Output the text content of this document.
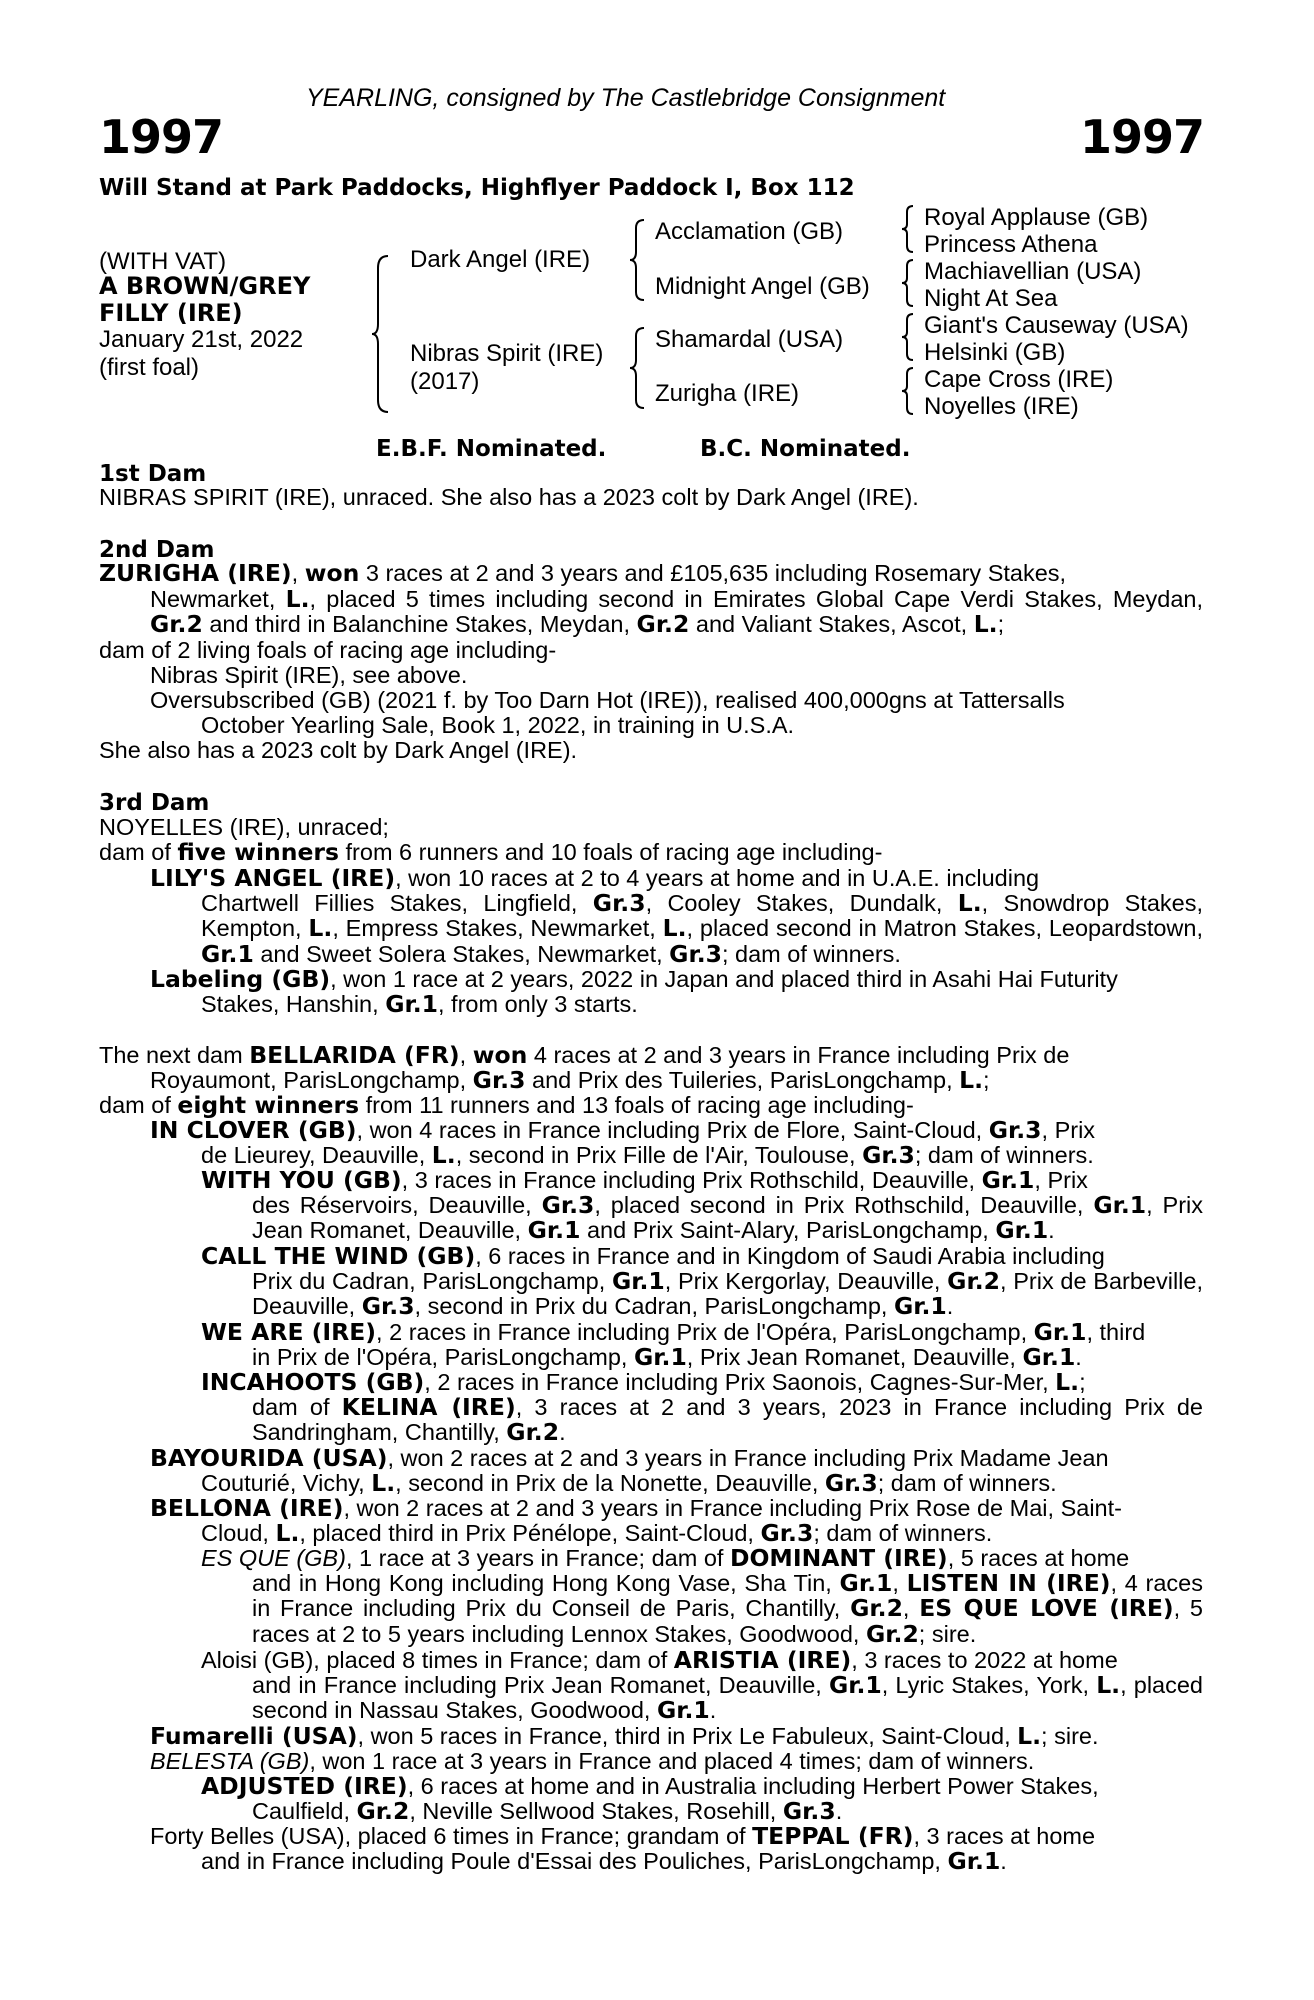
YEARLING, consigned by The Castlebridge Consignment
1997	1997
Will Stand at Park Paddocks, Highflyer Paddock I, Box 112
(WITH VAT)
A BROWN/GREY
FILLY (IRE)
January 21st, 2022
(first foal)
Dark Angel (IRE)
Nibras Spirit (IRE)
(2017)
Acclamation (GB)
Midnight Angel (GB)
Shamardal (USA)
Zurigha (IRE)
Royal Applause (GB)
Princess Athena
Machiavellian (USA)
Night At Sea
Giant's Causeway (USA)
Helsinki (GB)
Cape Cross (IRE)
Noyelles (IRE)
E.B.F. Nominated.	B.C. Nominated.
1st Dam
NIBRAS SPIRIT (IRE), unraced. She also has a 2023 colt by Dark Angel (IRE).
2nd Dam
ZURIGHA (IRE), won 3 races at 2 and 3 years and £105,635 including Rosemary Stakes,
Newmarket, L., placed 5 times including second in Emirates Global Cape Verdi Stakes, Meydan, Gr.2 and third in Balanchine Stakes, Meydan, Gr.2 and Valiant Stakes, Ascot, L.;
dam of 2 living foals of racing age including-
Nibras Spirit (IRE), see above.
Oversubscribed (GB) (2021 f. by Too Darn Hot (IRE)), realised 400,000gns at Tattersalls
October Yearling Sale, Book 1, 2022, in training in U.S.A.
She also has a 2023 colt by Dark Angel (IRE).
3rd Dam
NOYELLES (IRE), unraced;
dam of five winners from 6 runners and 10 foals of racing age including-
LILY'S ANGEL (IRE), won 10 races at 2 to 4 years at home and in U.A.E. including
Chartwell Fillies Stakes, Lingfield, Gr.3, Cooley Stakes, Dundalk, L., Snowdrop Stakes, Kempton, L., Empress Stakes, Newmarket, L., placed second in Matron Stakes, Leopardstown, Gr.1 and Sweet Solera Stakes, Newmarket, Gr.3; dam of winners.
Labeling (GB), won 1 race at 2 years, 2022 in Japan and placed third in Asahi Hai Futurity
Stakes, Hanshin, Gr.1, from only 3 starts.
The next dam BELLARIDA (FR), won 4 races at 2 and 3 years in France including Prix de
Royaumont, ParisLongchamp, Gr.3 and Prix des Tuileries, ParisLongchamp, L.;
dam of eight winners from 11 runners and 13 foals of racing age including-
IN CLOVER (GB), won 4 races in France including Prix de Flore, Saint-Cloud, Gr.3, Prix
de Lieurey, Deauville, L., second in Prix Fille de l'Air, Toulouse, Gr.3; dam of winners.
WITH YOU (GB), 3 races in France including Prix Rothschild, Deauville, Gr.1, Prix
des Réservoirs, Deauville, Gr.3, placed second in Prix Rothschild, Deauville, Gr.1, Prix Jean Romanet, Deauville, Gr.1 and Prix Saint-Alary, ParisLongchamp, Gr.1.
CALL THE WIND (GB), 6 races in France and in Kingdom of Saudi Arabia including
Prix du Cadran, ParisLongchamp, Gr.1, Prix Kergorlay, Deauville, Gr.2, Prix de Barbeville, Deauville, Gr.3, second in Prix du Cadran, ParisLongchamp, Gr.1.
WE ARE (IRE), 2 races in France including Prix de l'Opéra, ParisLongchamp, Gr.1, third
in Prix de l'Opéra, ParisLongchamp, Gr.1, Prix Jean Romanet, Deauville, Gr.1.
INCAHOOTS (GB), 2 races in France including Prix Saonois, Cagnes-Sur-Mer, L.;
dam of KELINA (IRE), 3 races at 2 and 3 years, 2023 in France including Prix de Sandringham, Chantilly, Gr.2.
BAYOURIDA (USA), won 2 races at 2 and 3 years in France including Prix Madame Jean
Couturié, Vichy, L., second in Prix de la Nonette, Deauville, Gr.3; dam of winners.
BELLONA (IRE), won 2 races at 2 and 3 years in France including Prix Rose de Mai, Saint-
Cloud, L., placed third in Prix Pénélope, Saint-Cloud, Gr.3; dam of winners.
ES QUE (GB), 1 race at 3 years in France; dam of DOMINANT (IRE), 5 races at home
and in Hong Kong including Hong Kong Vase, Sha Tin, Gr.1, LISTEN IN (IRE), 4 races in France including Prix du Conseil de Paris, Chantilly, Gr.2, ES QUE LOVE (IRE), 5 races at 2 to 5 years including Lennox Stakes, Goodwood, Gr.2; sire.
Aloisi (GB), placed 8 times in France; dam of ARISTIA (IRE), 3 races to 2022 at home
and in France including Prix Jean Romanet, Deauville, Gr.1, Lyric Stakes, York, L., placed second in Nassau Stakes, Goodwood, Gr.1.
Fumarelli (USA), won 5 races in France, third in Prix Le Fabuleux, Saint-Cloud, L.; sire.
BELESTA (GB), won 1 race at 3 years in France and placed 4 times; dam of winners.
ADJUSTED (IRE), 6 races at home and in Australia including Herbert Power Stakes,
Caulfield, Gr.2, Neville Sellwood Stakes, Rosehill, Gr.3.
Forty Belles (USA), placed 6 times in France; grandam of TEPPAL (FR), 3 races at home
and in France including Poule d'Essai des Pouliches, ParisLongchamp, Gr.1.
